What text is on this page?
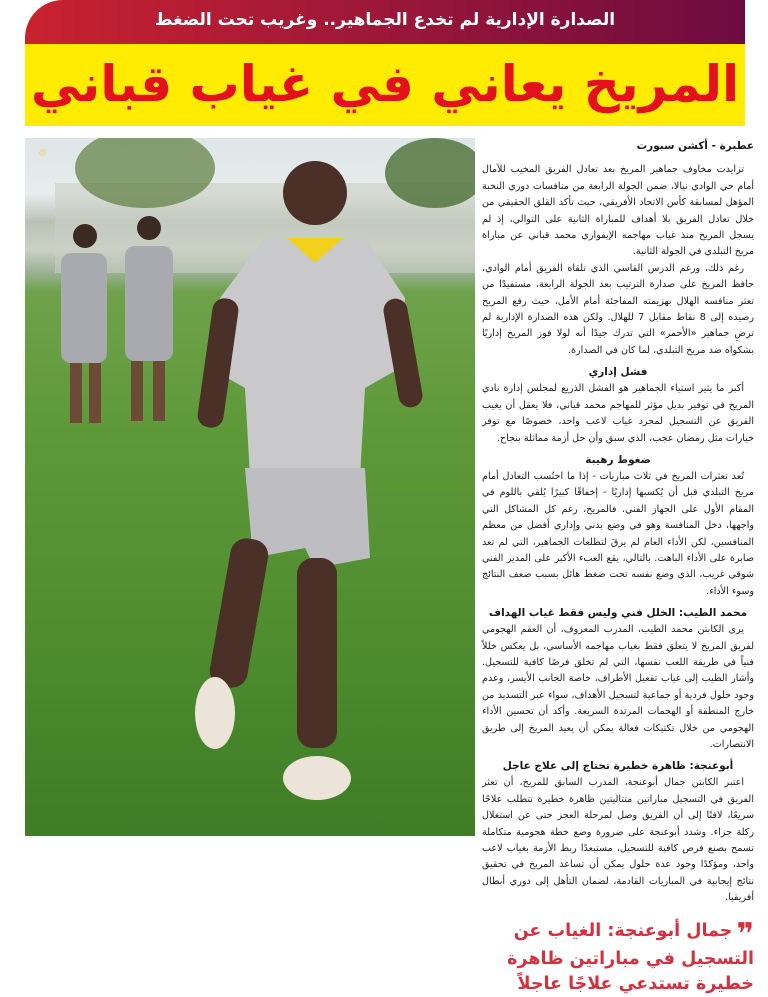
الصدارة الإدارية لم تخدع الجماهير.. وغريب تحت الضغط
المريخ يعاني في غياب قباني
◎
عطبرة - أكشن سبورت

تزايدت مخاوف جماهير المريخ بعد تعادل الفريق المخيب للآمال أمام حي الوادي نيالا، ضمن الجولة الرابعة من منافسات دوري النخبة المؤهل لمسابقة كأس الاتحاد الأفريقي، حيث تأكد القلق الحقيقي من خلال تعادل الفريق بلا أهداف للمباراة الثانية على التوالي، إذ لم يسجل المريخ منذ غياب مهاجمه الإيفواري محمد قباني عن مباراة مريخ التبلدي في الجولة الثانية.

رغم ذلك، ورغم الدرس القاسي الذي تلقاه الفريق أمام الوادي، حافظ المريخ على صدارة الترتيب بعد الجولة الرابعة، مستفيدًا من تعثر منافسه الهلال بهزيمته المفاجئة أمام الأمل، حيث رفع المريخ رصيده إلى 8 نقاط مقابل 7 للهلال. ولكن هذه الصدارة الإدارية لم ترضِ جماهير «الأحمر» التي تدرك جيدًا أنه لولا فوز المريخ إداريًا بشكواه ضد مريخ التبلدي، لما كان في الصدارة.

فشل إداري

أكبر ما يثير استياء الجماهير هو الفشل الذريع لمجلس إدارة نادي المريخ في توفير بديل مؤثر للمهاجم محمد قباني، فلا يعقل أن يغيب الفريق عن التسجيل لمجرد غياب لاعب واحد، خصوصًا مع توفر خيارات مثل رمضان عجب، الذي سبق وأن حل أزمة مماثلة بنجاح.

ضغوط رهيبة

تُعد تعثرات المريخ في ثلاث مباريات - إذا ما احتُسب التعادل أمام مريخ التبلدي قبل أن يُكسبها إداريًا - إخفاقًا كبيرًا يُلقي باللوم في المقام الأول على الجهاز الفني. فالمريخ، رغم كل المشاكل التي واجهها، دخل المنافسة وهو في وضع بدني وإداري أفضل من معظم المنافسين، لكن الأداء العام لم يرقَ لتطلعات الجماهير، التي لم تعد صابرة على الأداء الباهت. بالتالي، يقع العبء الأكبر على المدير الفني شوقي غريب، الذي وضع نفسه تحت ضغط هائل بسبب ضعف النتائج وسوء الأداء.

محمد الطيب: الخلل فني وليس فقط غياب الهداف

يرى الكابتن محمد الطيب، المدرب المعروف، أن العقم الهجومي لفريق المريخ لا يتعلق فقط بغياب مهاجمه الأساسي، بل يعكس خللاً فنياً في طريقة اللعب نفسها، التي لم تخلق فرصًا كافية للتسجيل. وأشار الطيب إلى غياب تفعيل الأطراف، خاصة الجانب الأيسر، وعدم وجود حلول فردية أو جماعية لتسجيل الأهداف، سواء عبر التسديد من خارج المنطقة أو الهجمات المرتدة السريعة. وأكد أن تحسين الأداء الهجومي من خلال تكتيكات فعالة يمكن أن يعيد المريخ إلى طريق الانتصارات.

أبوعنجة: ظاهرة خطيرة تحتاج إلى علاج عاجل

اعتبر الكابتن جمال أبوعنجة، المدرب السابق للمريخ، أن تعثر الفريق في التسجيل مباراتين متتاليتين ظاهرة خطيرة تتطلب علاجًا سريعًا، لافتًا إلى أن الفريق وصل لمرحلة العجز حتى عن استغلال ركلة جزاء. وشدد أبوعنجة على ضرورة وضع خطة هجومية متكاملة تسمح بصنع فرص كافية للتسجيل، مستبعدًا ربط الأزمة بغياب لاعب واحد، ومؤكدًا وجود عدة حلول يمكن أن تساعد المريخ في تحقيق نتائج إيجابية في المباريات القادمة، لضمان التأهل إلى دوري أبطال أفريقيا.

❞جمال أبوعنجة: الغياب عن التسجيل في مباراتين ظاهرة خطيرة تستدعي علاجًا عاجلاً
